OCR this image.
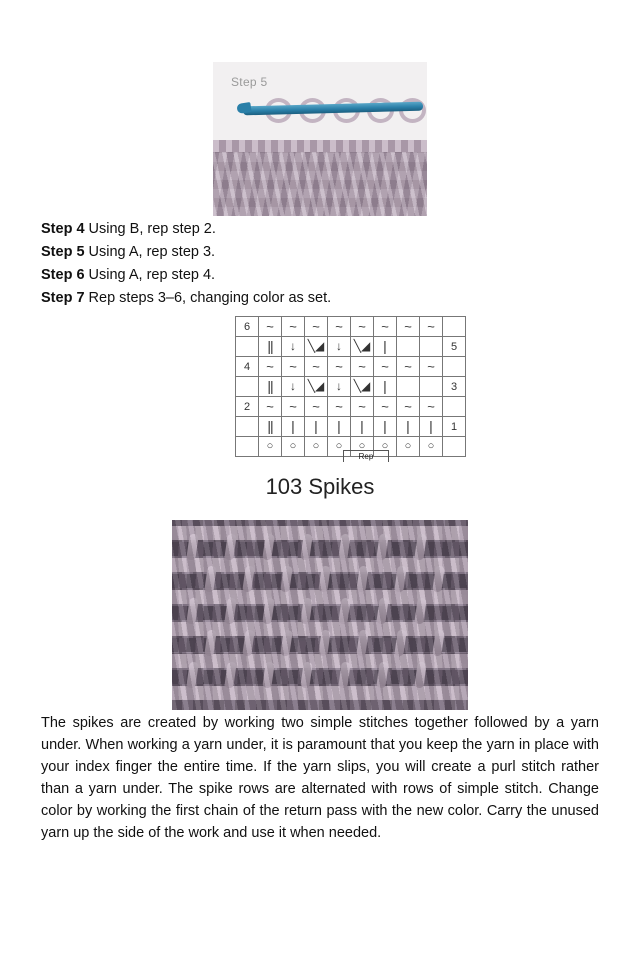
Step 5
Step 4 Using B, rep step 2.
Step 5 Using A, rep step 3.
Step 6 Using A, rep step 4.
Step 7 Rep steps 3–6, changing color as set.
6	~	~	~	~	~	~	~	~	
	||	↓	╲◢	↓	╲◢	|			5
4	~	~	~	~	~	~	~	~	
	||	↓	╲◢	↓	╲◢	|			3
2	~	~	~	~	~	~	~	~	
	||	|	|	|	|	|	|	|	1
	○	○	○	○	○	○	○	○	
Rep
103 Spikes
The spikes are created by working two simple stitches together followed by a yarn under. When working a yarn under, it is paramount that you keep the yarn in place with your index finger the entire time. If the yarn slips, you will create a purl stitch rather than a yarn under. The spike rows are alternated with rows of simple stitch. Change color by working the first chain of the return pass with the new color. Carry the unused yarn up the side of the work and use it when needed.
